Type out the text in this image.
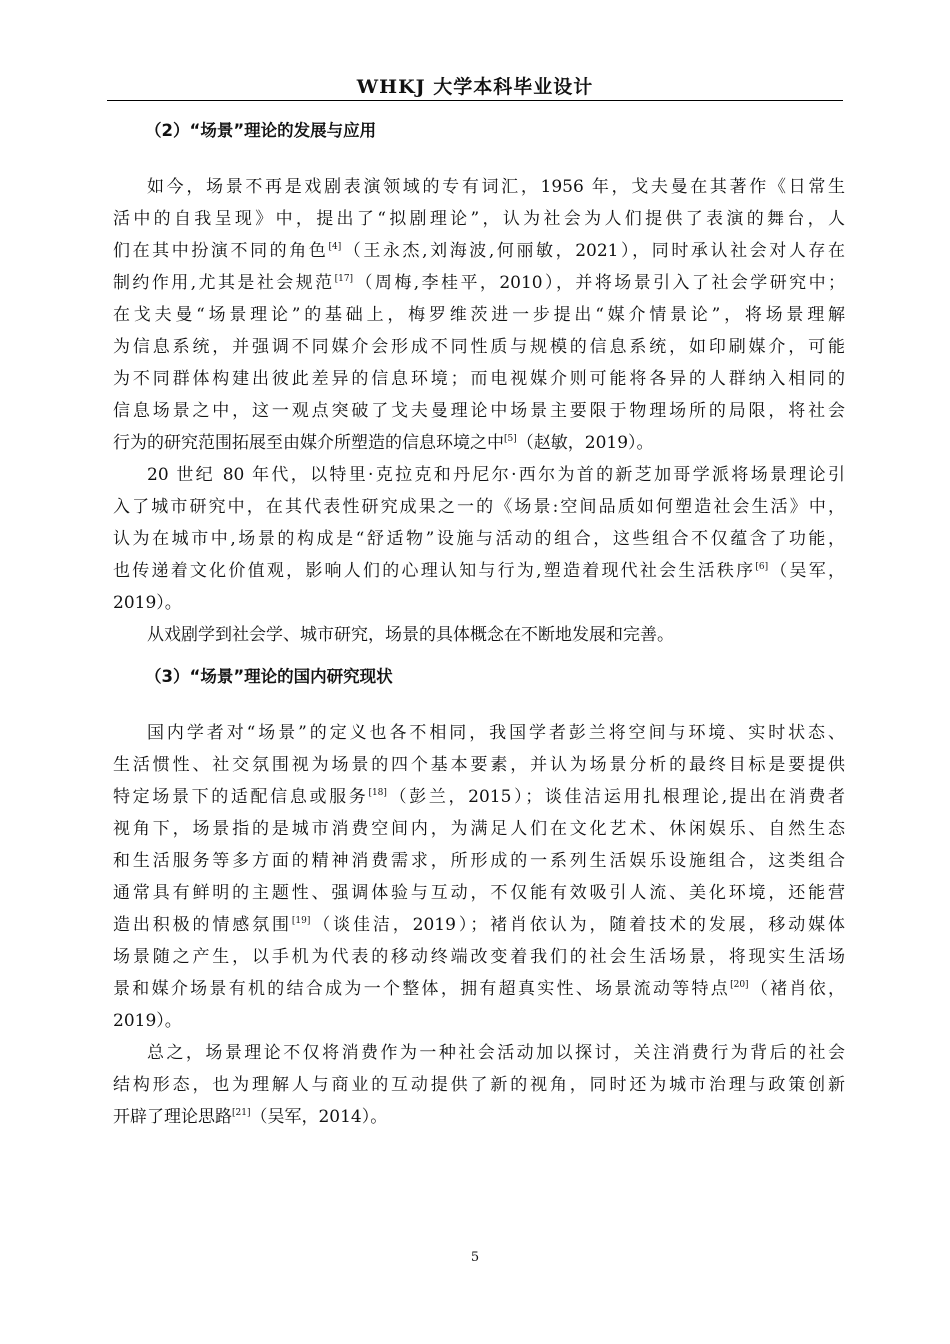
WHKJ 大学本科毕业设计
（2）“场景”理论的发展与应用
如今，场景不再是戏剧表演领域的专有词汇，1956 年，戈夫曼在其著作《日常生
活中的自我呈现》中，提出了“拟剧理论”，认为社会为人们提供了表演的舞台，人
们在其中扮演不同的角色[4]（王永杰,刘海波,何丽敏，2021），同时承认社会对人存在
制约作用,尤其是社会规范[17]（周梅,李桂平，2010），并将场景引入了社会学研究中；
在戈夫曼“场景理论”的基础上，梅罗维茨进一步提出“媒介情景论”，将场景理解
为信息系统，并强调不同媒介会形成不同性质与规模的信息系统，如印刷媒介，可能
为不同群体构建出彼此差异的信息环境；而电视媒介则可能将各异的人群纳入相同的
信息场景之中，这一观点突破了戈夫曼理论中场景主要限于物理场所的局限，将社会
行为的研究范围拓展至由媒介所塑造的信息环境之中[5]（赵敏，2019）。
20 世纪 80 年代，以特里·克拉克和丹尼尔·西尔为首的新芝加哥学派将场景理论引
入了城市研究中，在其代表性研究成果之一的《场景:空间品质如何塑造社会生活》中，
认为在城市中,场景的构成是“舒适物”设施与活动的组合，这些组合不仅蕴含了功能，
也传递着文化价值观，影响人们的心理认知与行为,塑造着现代社会生活秩序[6]（吴军，
2019）。
从戏剧学到社会学、城市研究，场景的具体概念在不断地发展和完善。
（3）“场景”理论的国内研究现状
国内学者对“场景”的定义也各不相同，我国学者彭兰将空间与环境、实时状态、
生活惯性、社交氛围视为场景的四个基本要素，并认为场景分析的最终目标是要提供
特定场景下的适配信息或服务[18]（彭兰，2015）；谈佳洁运用扎根理论,提出在消费者
视角下，场景指的是城市消费空间内，为满足人们在文化艺术、休闲娱乐、自然生态
和生活服务等多方面的精神消费需求，所形成的一系列生活娱乐设施组合，这类组合
通常具有鲜明的主题性、强调体验与互动，不仅能有效吸引人流、美化环境，还能营
造出积极的情感氛围[19]（谈佳洁，2019）；褚肖依认为，随着技术的发展，移动媒体
场景随之产生，以手机为代表的移动终端改变着我们的社会生活场景，将现实生活场
景和媒介场景有机的结合成为一个整体，拥有超真实性、场景流动等特点[20]（褚肖依，
2019）。
总之，场景理论不仅将消费作为一种社会活动加以探讨，关注消费行为背后的社会
结构形态，也为理解人与商业的互动提供了新的视角，同时还为城市治理与政策创新
开辟了理论思路[21]（吴军，2014）。
5
